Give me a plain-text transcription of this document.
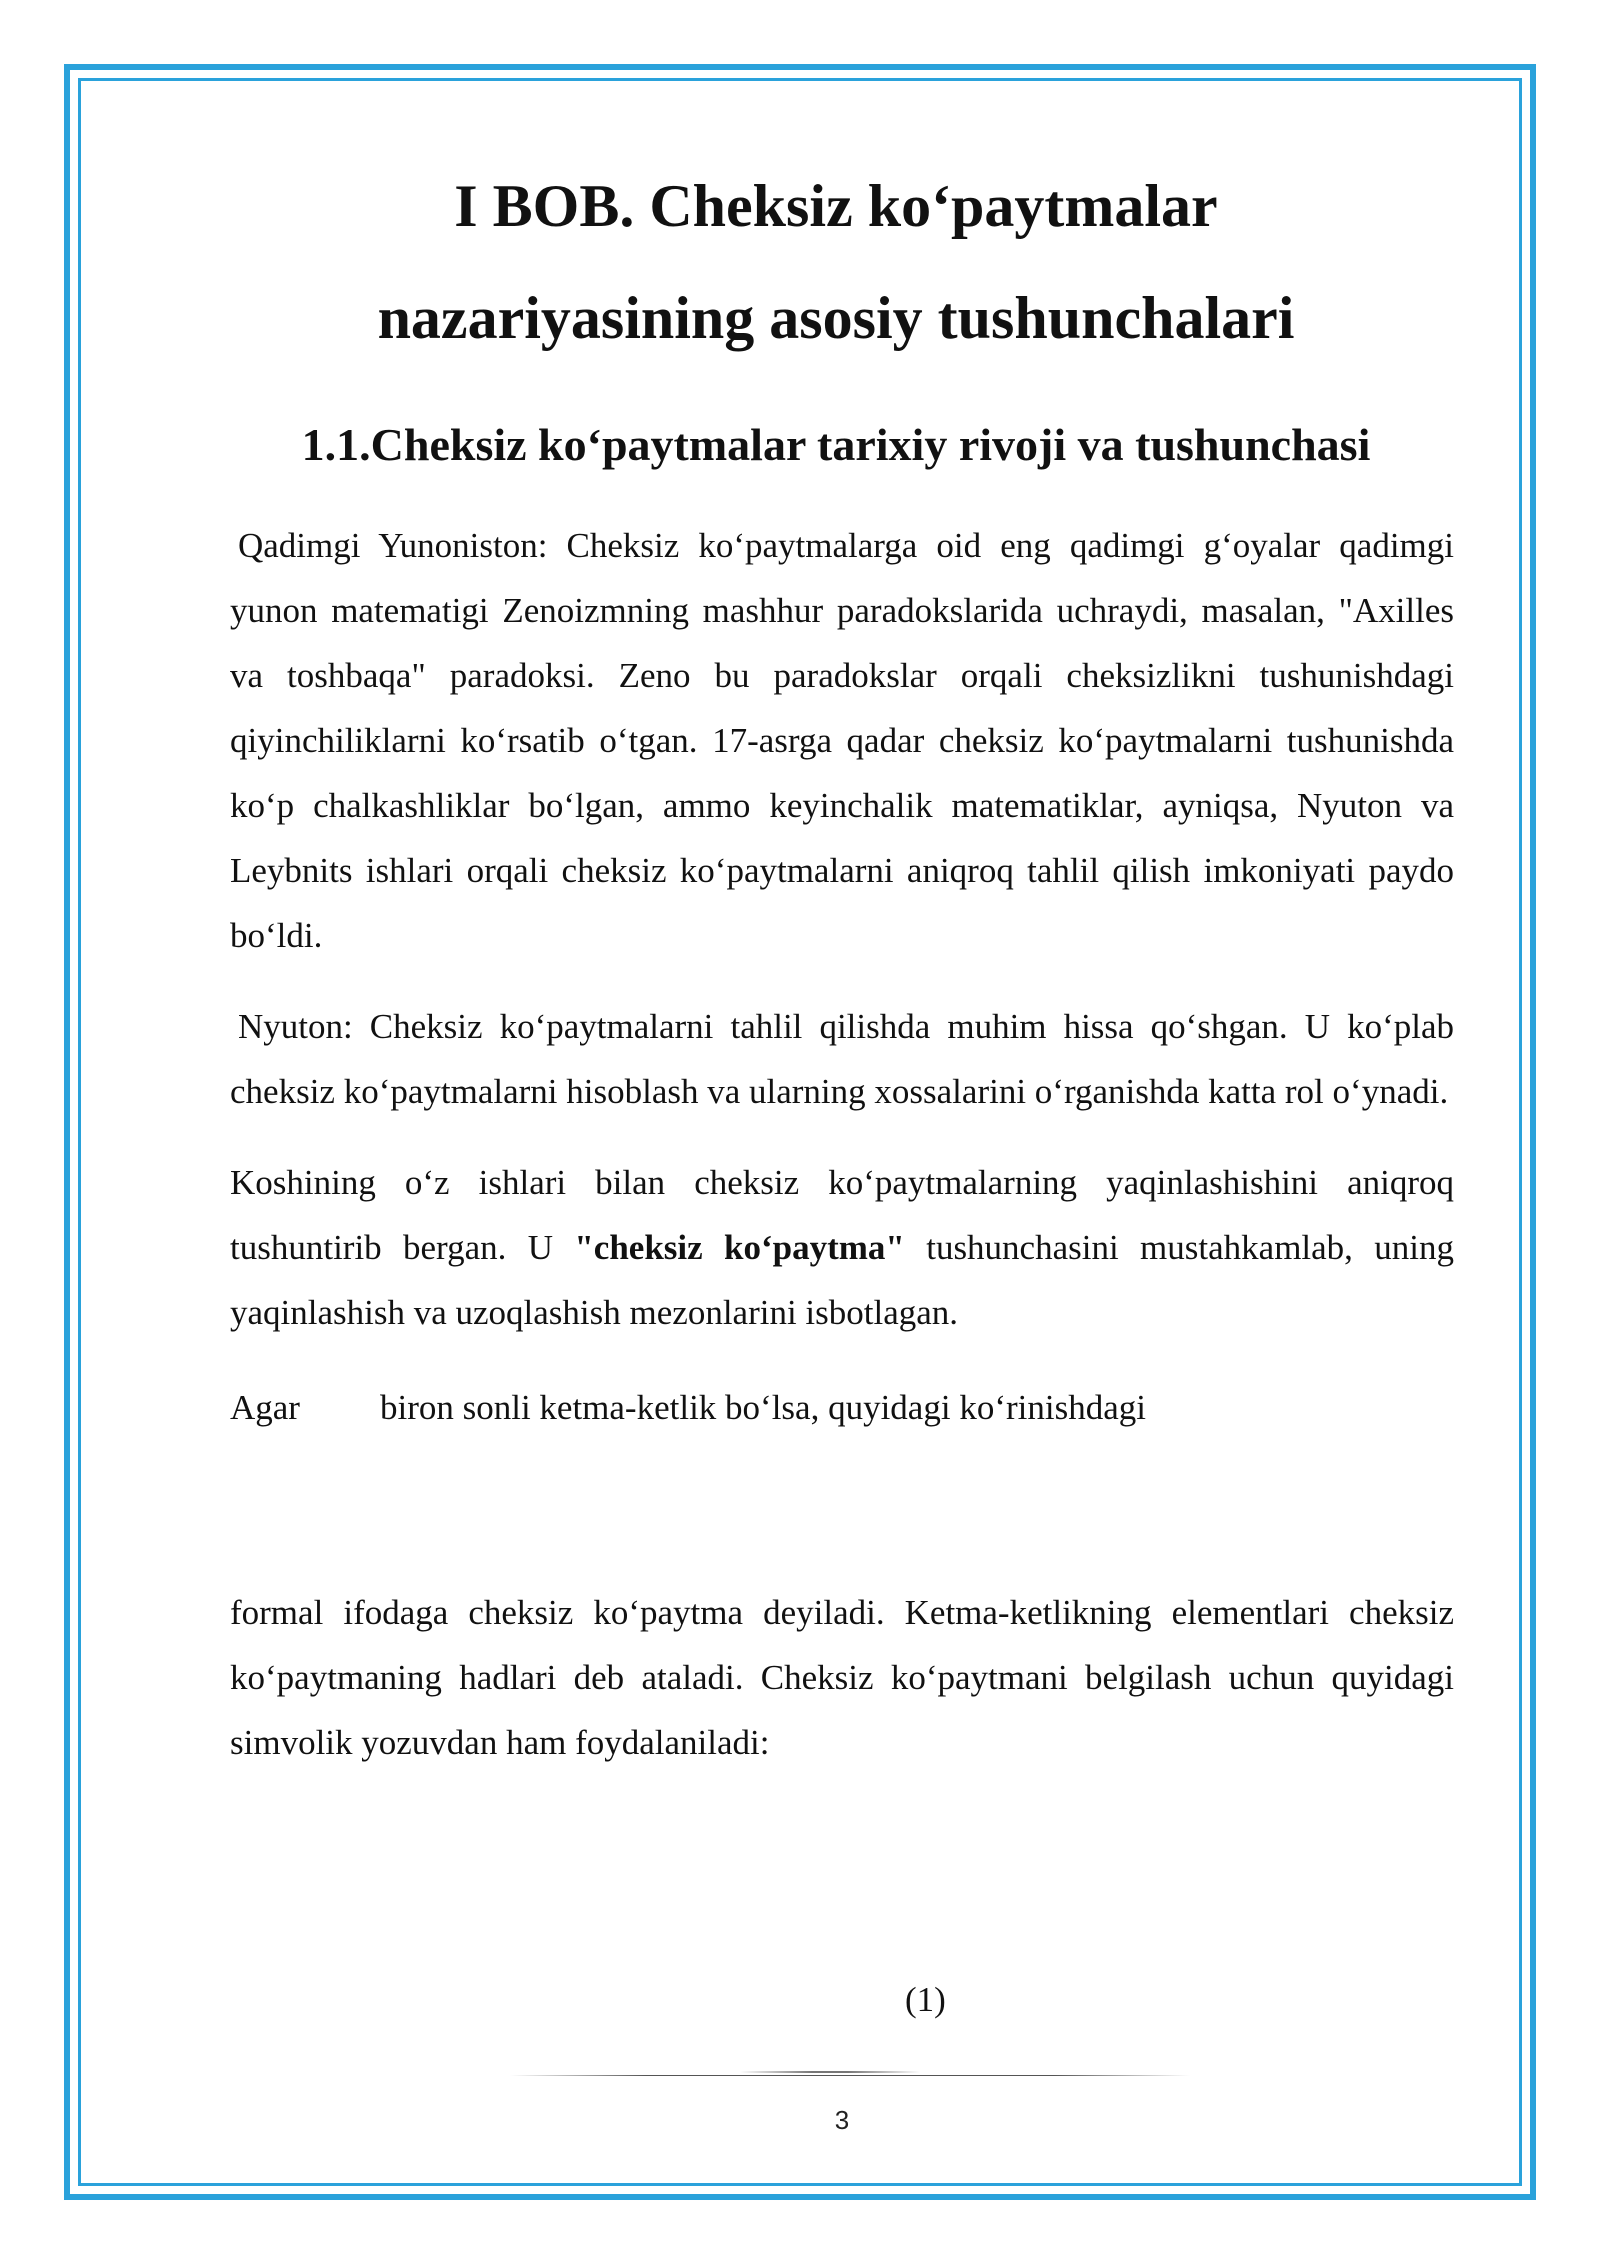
I BOB. Cheksiz koʻpaytmalar
nazariyasining asosiy tushunchalari
1.1.Cheksiz koʻpaytmalar tarixiy rivoji va tushunchasi

Qadimgi Yunoniston: Cheksiz koʻpaytmalarga oid eng qadimgi gʻoyalar qadimgi yunon matematigi Zenoizmning mashhur paradokslarida uchraydi, masalan, "Axilles va toshbaqa" paradoksi. Zeno bu paradokslar orqali cheksizlikni tushunishdagi qiyinchiliklarni koʻrsatib oʻtgan. 17-asrga qadar cheksiz koʻpaytmalarni tushunishda koʻp chalkashliklar boʻlgan, ammo keyinchalik matematiklar, ayniqsa, Nyuton va Leybnits ishlari orqali cheksiz koʻpaytmalarni aniqroq tahlil qilish imkoniyati paydo boʻldi.

Nyuton: Cheksiz koʻpaytmalarni tahlil qilishda muhim hissa qoʻshgan. U koʻplab cheksiz koʻpaytmalarni hisoblash va ularning xossalarini oʻrganishda katta rol oʻynadi.

Koshining oʻz ishlari bilan cheksiz koʻpaytmalarning yaqinlashishini aniqroq tushuntirib bergan. U "cheksiz koʻpaytma" tushunchasini mustahkamlab, uning yaqinlashish va uzoqlashish mezonlarini isbotlagan.

Agar biron sonli ketma-ketlik boʻlsa, quyidagi koʻrinishdagi

formal ifodaga cheksiz koʻpaytma deyiladi. Ketma-ketlikning elementlari cheksiz koʻpaytmaning hadlari deb ataladi. Cheksiz koʻpaytmani belgilash uchun quyidagi simvolik yozuvdan ham foydalaniladi:

(1)
3
